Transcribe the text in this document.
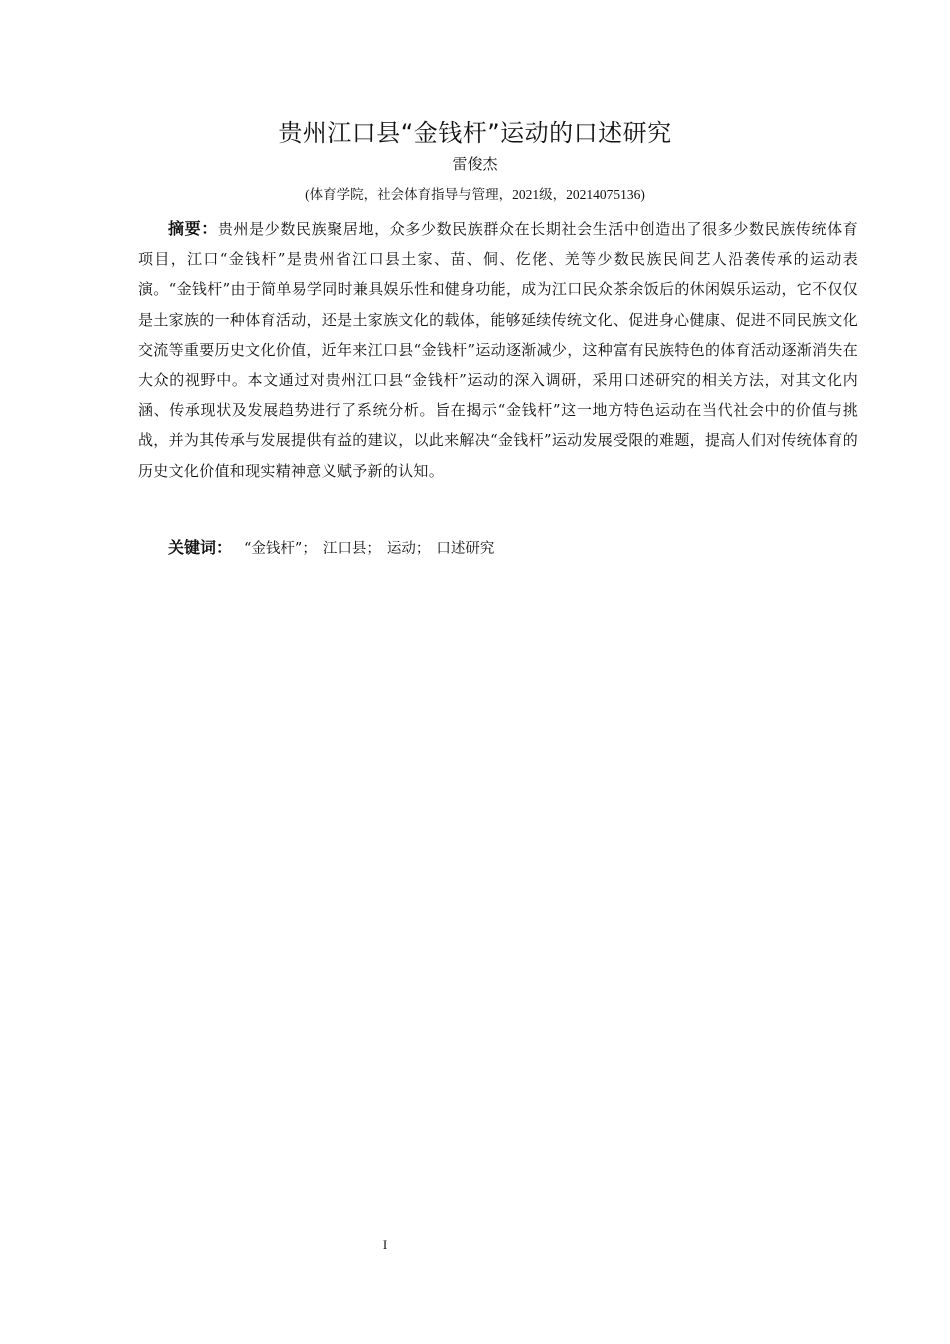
贵州江口县“金钱杆”运动的口述研究
雷俊杰
(体育学院，社会体育指导与管理，2021级，20214075136)

摘要：贵州是少数民族聚居地，众多少数民族群众在长期社会生活中创造出了很多少数民族传统体育项目，江口“金钱杆”是贵州省江口县土家、苗、侗、仡佬、羌等少数民族民间艺人沿袭传承的运动表演。“金钱杆”由于简单易学同时兼具娱乐性和健身功能，成为江口民众茶余饭后的休闲娱乐运动，它不仅仅是土家族的一种体育活动，还是土家族文化的载体，能够延续传统文化、促进身心健康、促进不同民族文化交流等重要历史文化价值，近年来江口县“金钱杆”运动逐渐减少，这种富有民族特色的体育活动逐渐消失在大众的视野中。本文通过对贵州江口县“金钱杆”运动的深入调研，采用口述研究的相关方法，对其文化内涵、传承现状及发展趋势进行了系统分析。旨在揭示“金钱杆”这一地方特色运动在当代社会中的价值与挑战，并为其传承与发展提供有益的建议，以此来解决“金钱杆”运动发展受限的难题，提高人们对传统体育的历史文化价值和现实精神意义赋予新的认知。

关键词： “金钱杆”； 江口县； 运动； 口述研究
I
